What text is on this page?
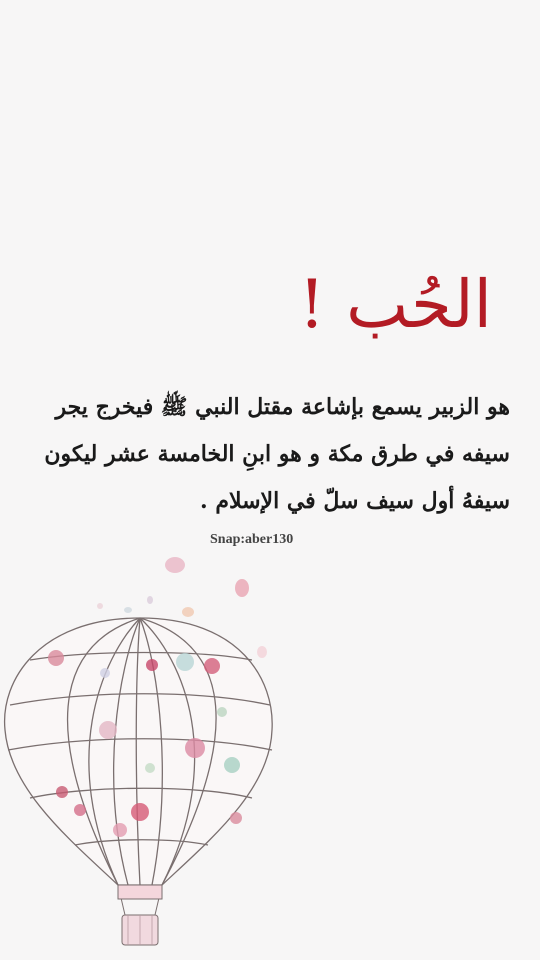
الحُب !
هو الزبير يسمع بإشاعة مقتل النبي ﷺ فيخرج يجر
سيفه في طرق مكة و هو ابنِ الخامسة عشر ليكون
سيفهُ أول سيف سلّ في الإسلام .
Snap:aber130
